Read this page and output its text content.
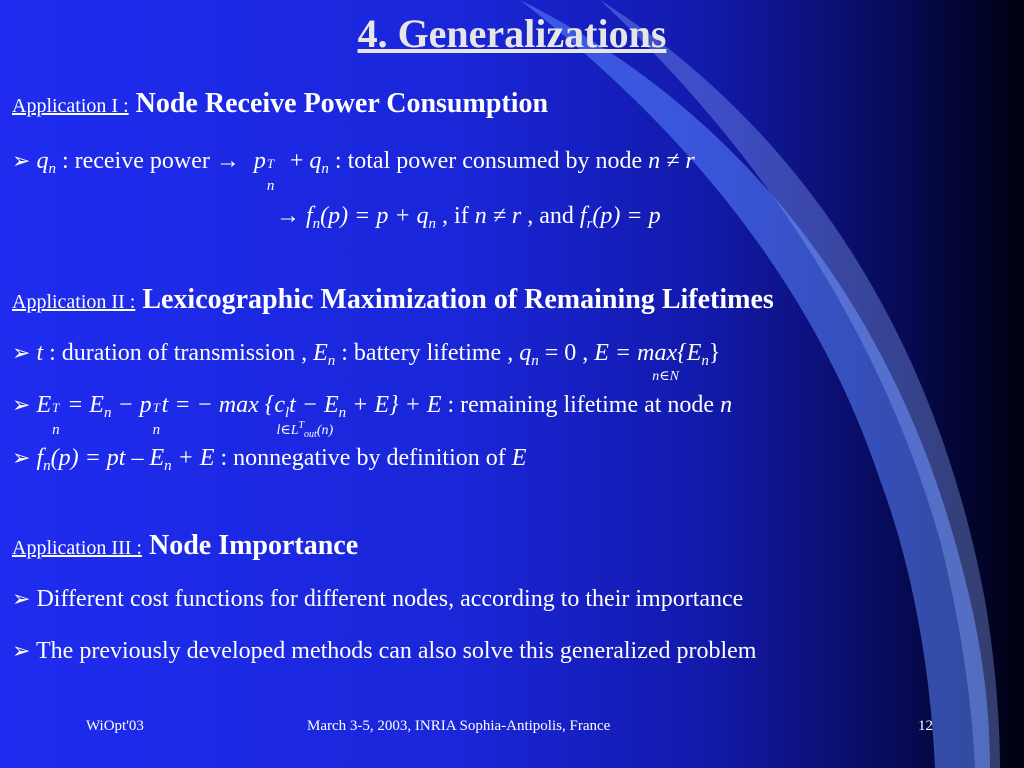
4. Generalizations
Application I : Node Receive Power Consumption
➢ $q_n$ : receive power → p T
n
+ $q_n$ : total power consumed by node n ≠ r
→ $f_n(p) = p + q_n$ , if n ≠ r , and $f_r(p) = p$
Application II : Lexicographic Maximization of Remaining Lifetimes
➢ t : duration of transmission , $E_n$ : battery lifetime , $q_n = 0$ , $E = \max\{E_n\}$
n∈N
➢ E T
n
= $E_n - p$ T
n
t = − $\max \{c_lt - E_n + E\} + E$
$l\in L^T_{out}(n)$
: remaining lifetime at node n
➢ $f_n(p)$ = pt – $E_n + E$ : nonnegative by definition of E
Application III : Node Importance
➢ Different cost functions for different nodes, according to their importance
➢ The previously developed methods can also solve this generalized problem
WiOpt'03	March 3-5, 2003, INRIA Sophia-Antipolis, France	12
